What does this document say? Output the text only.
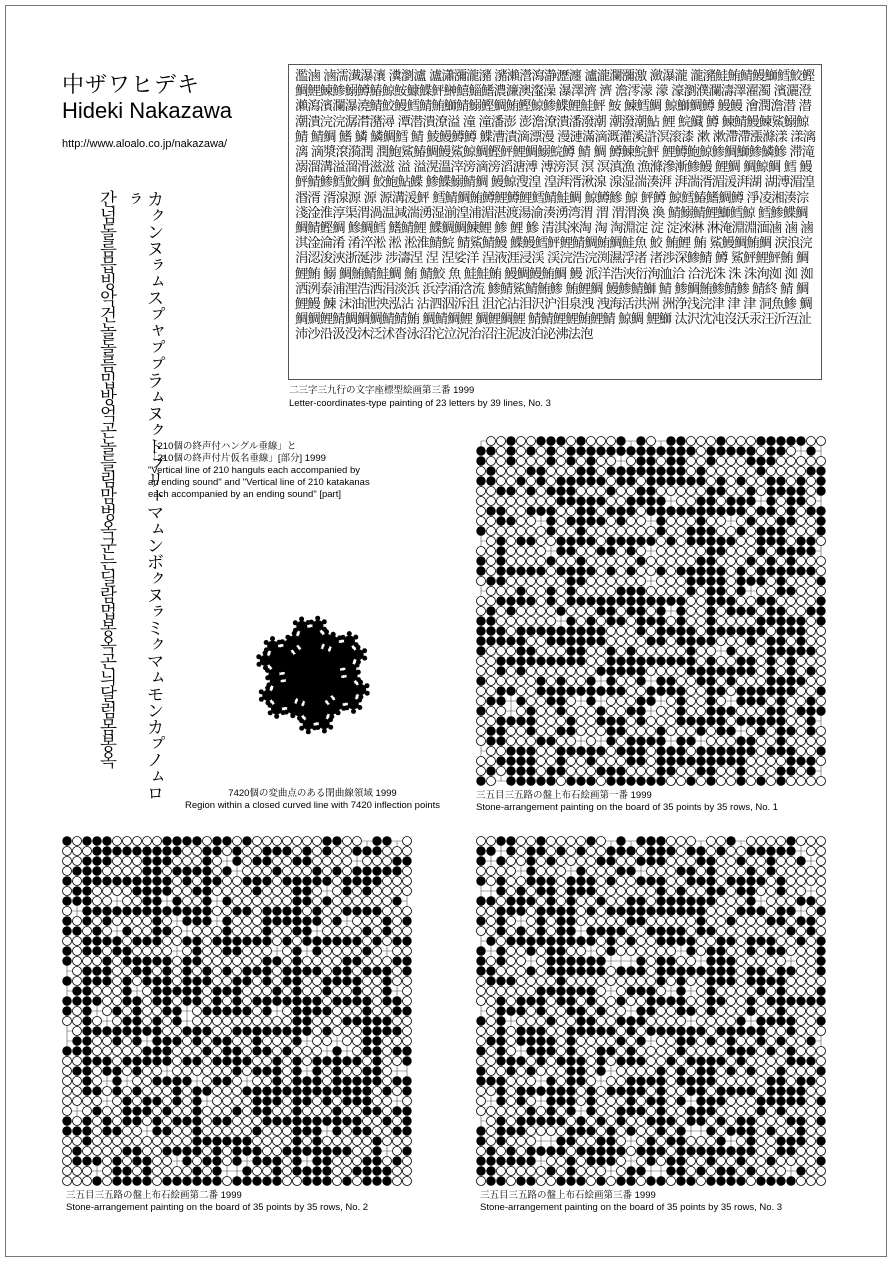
中ザワヒデキ
Hideki Nakazawa
http://www.aloalo.co.jp/nakazawa/
濫滷 滷濡瀐瀑瀼 瀵瀏瀘 瀘瀟瀰瀧瀦 瀦瀨瀯瀉瀞瀝瀍 瀘瀧瀾瀰激 瀲瀑瀧 瀧瀦鮭鮪鯖鰻鰤鱈鮫鰹鯛鯉鰊鯵鰯鱒鰆鯨鮟鱇鰈鮃鰰鱚鯔鰭濃濂澳瀣澡 瀑澤濟 濟 澹澪濛 濛 濠瀏濮瀾濤澤濯濁 濱灑澄瀨瀉濱瀾瀑澆鯖鮫鰻鱈鯖鮪鰤鯖鰯鰹鯛鮪鰹鯨鯵鰈鯉鮭鮃 鮟 鰊鱈鯛 鯨鰤鯛鱒 鰻鰻 澮潤澹潜 潜潮潰浣浣潺潸潴潯 潭潜潰潦溢 潼 潼潘澎 澎澹潦潰潘潑潮 潮潑潮鮎 鯉 鯇鱵 鱒 鰊鯖鰻鰊鯊鰯鯨鯖 鯖鯛 鰭 鱗 鱗鯛鱈 鯖 鯪鰻鱒鱒 鰈漕漬滴漂漫 漫漣滿滴溉灌溪滸溟滚漆 漱 漱滯滯漲滌漾 漾漓漓 滴漿滾漪潤 潤鮑鯊鰆鯛鰻鯊鯨鯛鰹鮃鯉鯛鰯鯇鱒 鯖 鯛 鱒鰊鯇鮃 鯉鱒鮑鯨鯵鯛鰤鯵鱗鰺 滞滝溺溜溝溢溜滑滋滋 溢 溢滉溫滓滂滴滂滔溏溥 溥滂溟 溟 溟滇漁 漁滌滲漸鯵鰻 鯉鯛 鯛鯨鯛 鱈 鰻鮃鯖鯵鱈鮫鯛 鮫鮑鮎鰈 鯵鰈鰯鯖鯛 鰻鯨溲湟 湟湃湑湫湶 湶湿湍湊湃 湃湍湑湄湲湃湖 湖溥湄湟湣湑 湑湶源 源 源溝湲鮃 鱈鯖鯛鮪鱒鯉鱒鯉鱈鯖鮭鯛 鯨鱒鰺 鯨 鮃鱒 鯨鱈鰆鰭鯛鱒 淨凌湘湊淙淺淦淮淳渠渭渦温減湍湧湿湔湟浦湄湛渡湯渝湊湧湾渭 渭 渭渭渙 渙 鯖鰯鯖鯉鰤鱈鯨 鱈鯵鰈鯛鯛鯖鰹鯛 鰺鯛鱈 鰭鯖鯉 鰈鯛鯛鰊鯉 鯵 鯉 鰺 清淇淶淘 淘 淘淵淀 淀 淀淶淋 淋淹淵淵湎滷 滷 滷淇淦淪淆 淆淬淞 淞 淞淮鯖鯇 鯖鯊鯖鰻 鰈鰻鱈鮃鯉鯖鯛鮪鯛鮭魚 鮫 鮪鯉 鮪 鯊鰻鯛鮪鯛 淚浪浣涓涊浚浹浙涎涉 涉濤涅 涅 涅娑洋 浧液涯浸渓 渓浣浩浣渕濕浮渚 渚渉深鯵鯖 鱒 鯊鮃鯉鮃鮪 鯛鯉鮪 鰯 鯛鮪鯖鮭鯛 鮪 鯖鮫 魚 鮭鮭鮪 鰻鯛鰻鮪鯛 鰻 派洋浩浹衍洵洫洽 洽洸洙 洙 洙洵洳 洳 洳洒洌泰浦浬浩洒涓淡浜 浜浡涌浛流 鯵鯖鯊鯖鮪鯵 鮪鯉鯛 鰻鯵鯖鰤 鯖 鯵鯛鮪鯵鯖鯵 鯖終 鯖 鯛鯉鰻 鰊 沫油泄泱泓沾 沾泗泅泝沮 沮沱沾泪沢沪泪泉洩 洩海活洪洲 洲浄浅浣津 津 津 洞魚鯵 鯛鯛鯛鯉鯖鯛鯛鯛鯖鯖鮪 鯛鯖鯛鯉 鯛鯉鯛鯉 鯖鯖鯉鯉鮪鯉鯖 鯨鯛 鯉鰤 汰沢沈沌沒沃汞汪沂沍沚沛沙沿汲没沐泛沭沓泳沼沱泣況治沼注泥波泊泌沸法泡
二三字三九行の文字座標型絵画第三番 1999
Letter-coordinates-type painting of 23 letters by 39 lines, No. 3
간넘돌름믑빙악건놀돌름밉방억곤놀들림맘벙옥군는딜람멉봉옥곤늬달럼몸봉옥	カㇰンヌㇻㇺスㇷ゚ャㇷ゚ㇷ゚ラㇺヌㇰトㇷ゚リㇳマㇺンボㇰヌㇻミㇰマㇺモンカㇷ゚ノㇺロㇻ
「210個の終声付ハングル垂線」と
「210個の終声付片仮名垂線」[部分] 1999
"Vertical line of 210 hanguls each accompanied by
an ending sound" and "Vertical line of 210 katakanas
each accompanied by an ending sound" [part]
7420個の変曲点のある閉曲線領域 1999
Region within a closed curved line with 7420 inflection points
三五目三五路の盤上布石絵画第一番 1999
Stone-arrangement painting on the board of 35 points by 35 rows, No. 1
三五目三五路の盤上布石絵画第二番 1999
Stone-arrangement painting on the board of 35 points by 35 rows, No. 2
三五目三五路の盤上布石絵画第三番 1999
Stone-arrangement painting on the board of 35 points by 35 rows, No. 3
